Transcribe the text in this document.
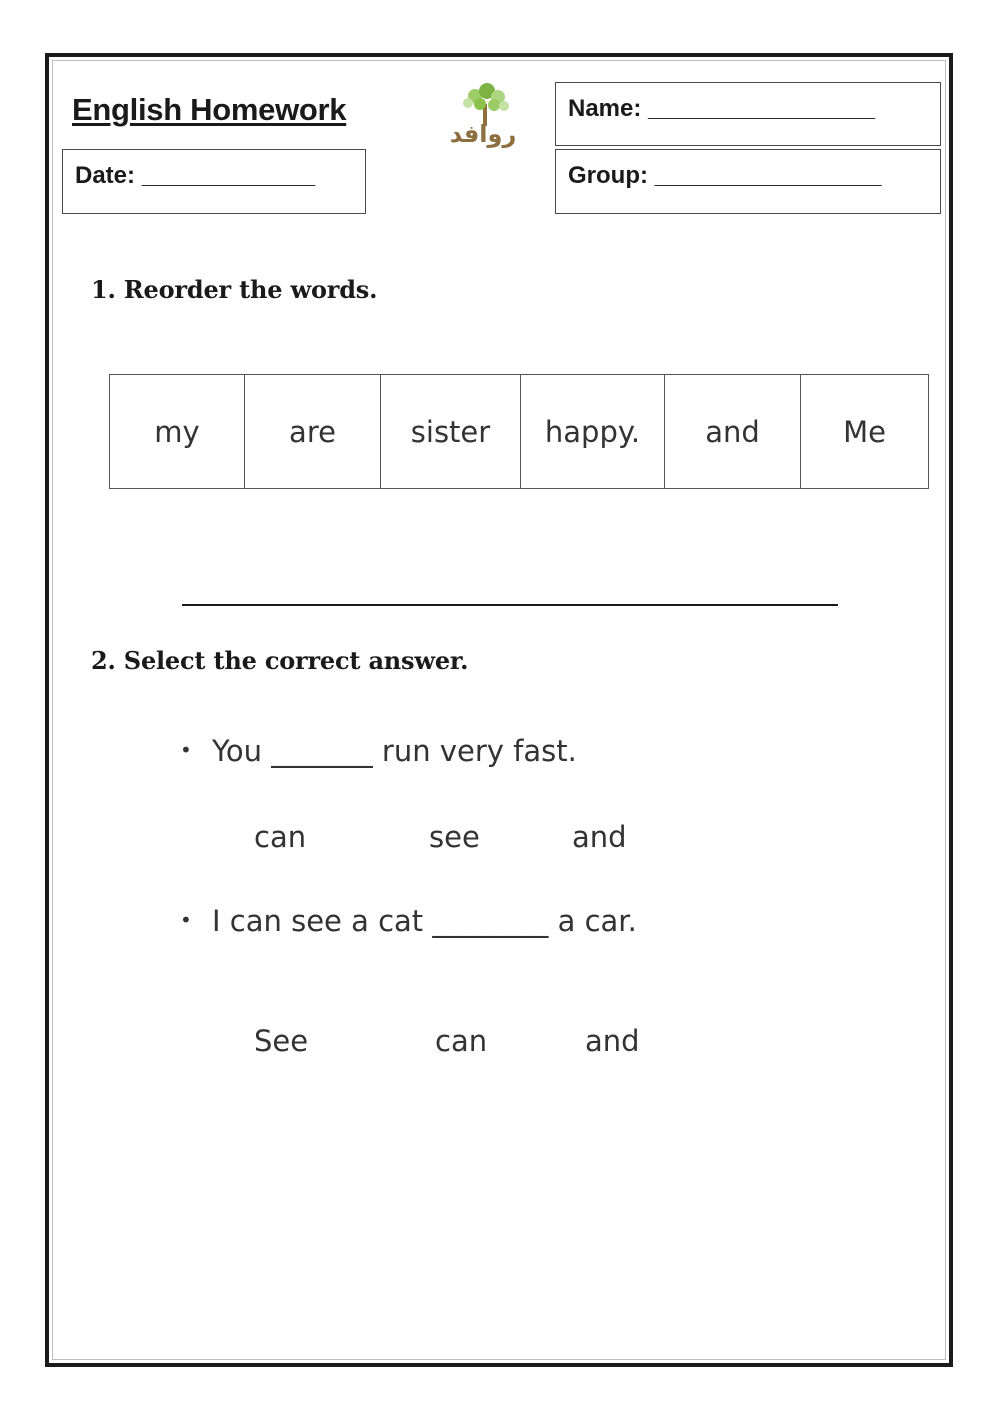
English Homework
Date: _____________
Name: _________________
Group: _________________
روافد
1. Reorder the words.
my	are	sister	happy.	and	Me
2. Select the correct answer.
• You _______ run very fast.
can	see	and
• I can see a cat ________ a car.
See	can	and
